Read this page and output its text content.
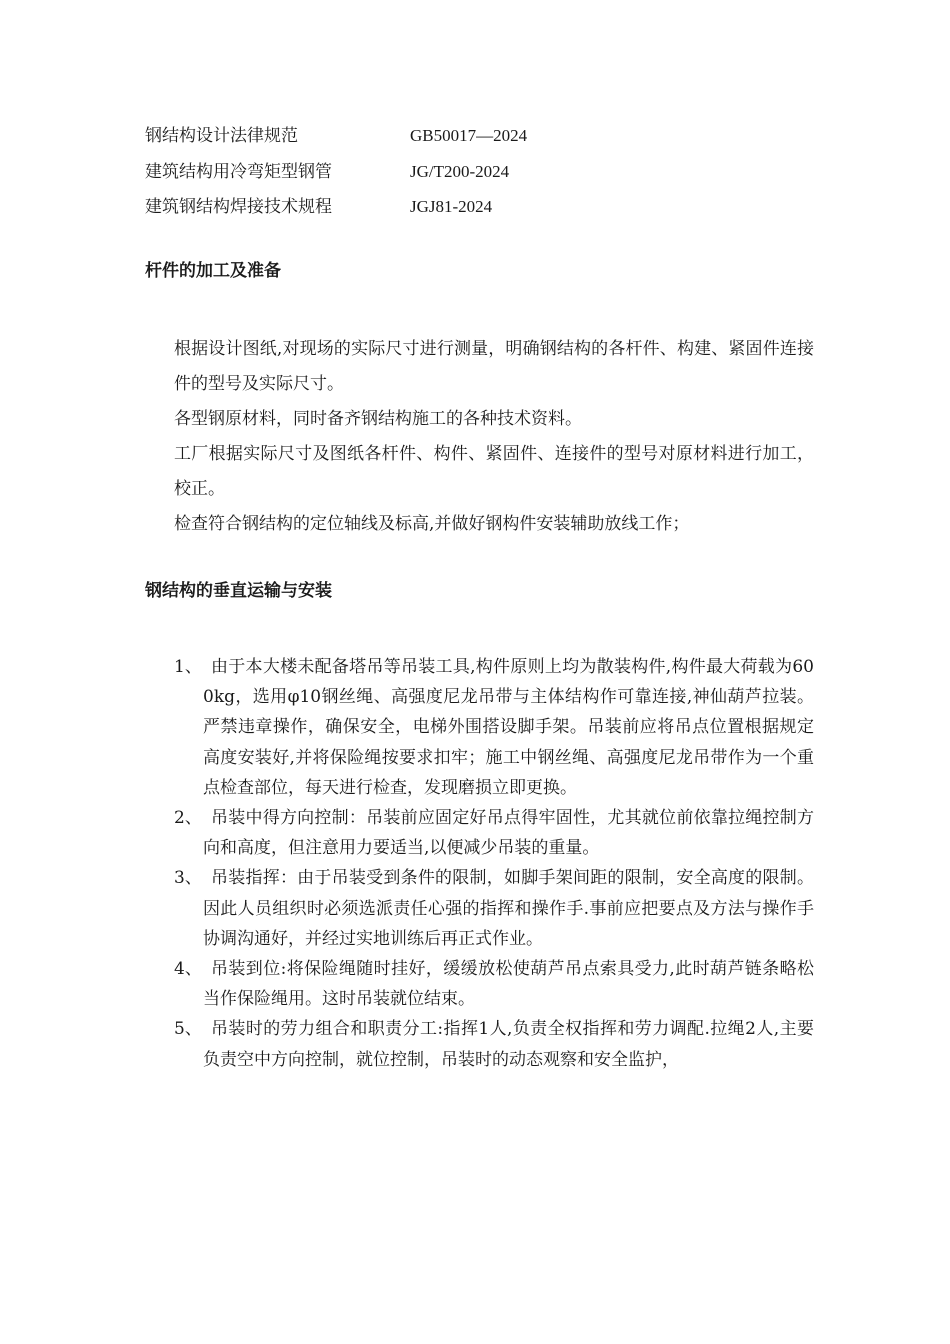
钢结构设计法律规范	GB50017—2024
建筑结构用冷弯矩型钢管	JG/T200-2024
建筑钢结构焊接技术规程	JGJ81-2024
杆件的加工及准备

根据设计图纸,对现场的实际尺寸进行测量，明确钢结构的各杆件、构建、紧固件连接件的型号及实际尺寸。

各型钢原材料，同时备齐钢结构施工的各种技术资料。

工厂根据实际尺寸及图纸各杆件、构件、紧固件、连接件的型号对原材料进行加工，校正。

检查符合钢结构的定位轴线及标高,并做好钢构件安装辅助放线工作；

钢结构的垂直运输与安装
1、 由于本大楼未配备塔吊等吊装工具,构件原则上均为散装构件,构件最大荷载为600kg，选用φ10钢丝绳、高强度尼龙吊带与主体结构作可靠连接,神仙葫芦拉装。严禁违章操作，确保安全，电梯外围搭设脚手架。吊装前应将吊点位置根据规定高度安装好,并将保险绳按要求扣牢；施工中钢丝绳、高强度尼龙吊带作为一个重点检查部位，每天进行检查，发现磨损立即更换。
2、 吊装中得方向控制：吊装前应固定好吊点得牢固性，尤其就位前依靠拉绳控制方向和高度，但注意用力要适当,以便减少吊装的重量。
3、 吊装指挥：由于吊装受到条件的限制，如脚手架间距的限制，安全高度的限制。因此人员组织时必须选派责任心强的指挥和操作手.事前应把要点及方法与操作手协调沟通好，并经过实地训练后再正式作业。
4、 吊装到位:将保险绳随时挂好，缓缓放松使葫芦吊点索具受力,此时葫芦链条略松当作保险绳用。这时吊装就位结束。
5、 吊装时的劳力组合和职责分工:指挥1人,负责全权指挥和劳力调配.拉绳2人,主要负责空中方向控制，就位控制，吊装时的动态观察和安全监护，
